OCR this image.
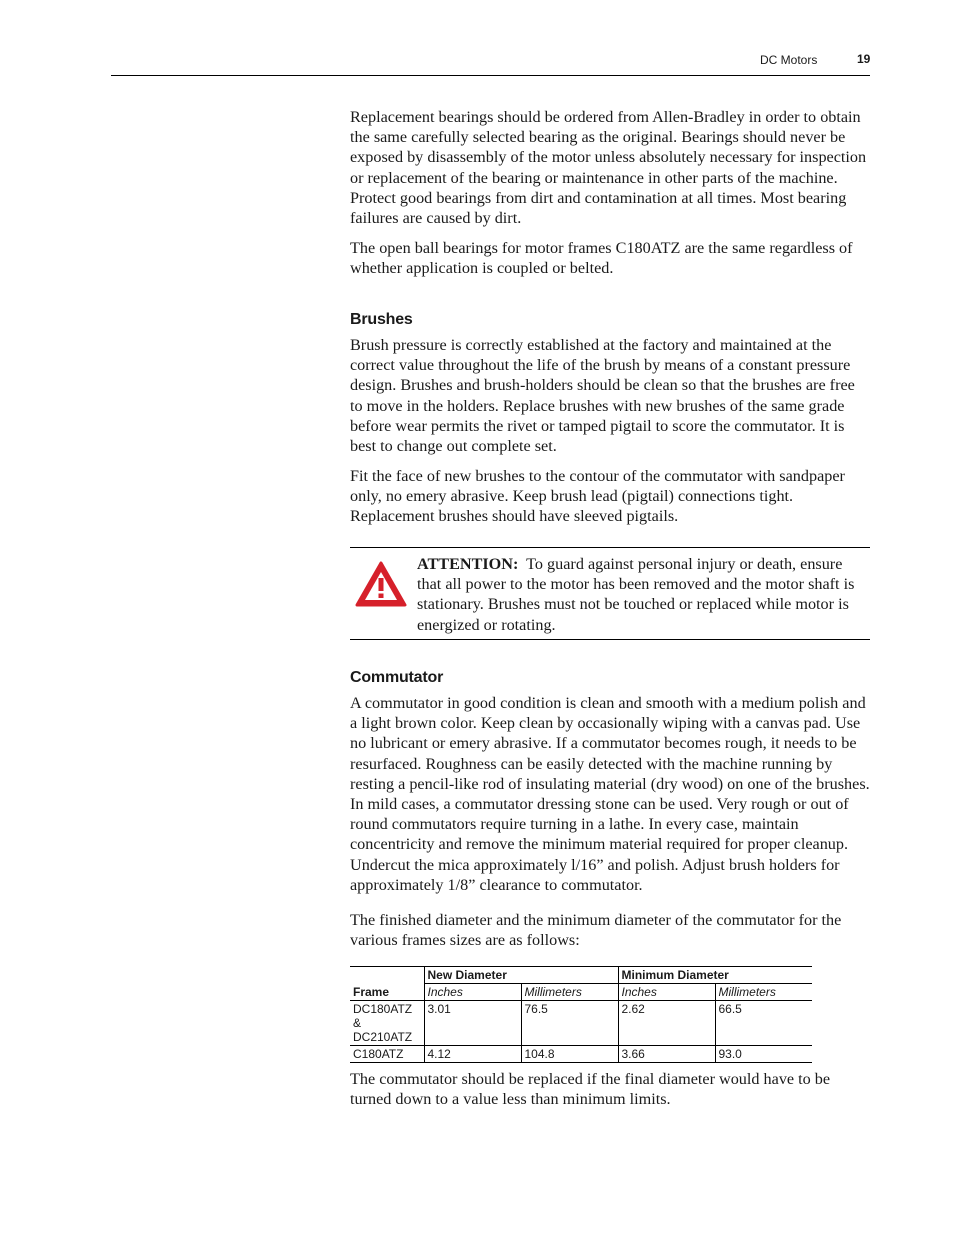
DC Motors	19

Replacement bearings should be ordered from Allen-Bradley in order to obtain the same carefully selected bearing as the original. Bearings should never be exposed by disassembly of the motor unless absolutely necessary for inspection or replacement of the bearing or maintenance in other parts of the machine. Protect good bearings from dirt and contamination at all times. Most bearing failures are caused by dirt.

The open ball bearings for motor frames C180ATZ are the same regardless of whether application is coupled or belted.

Brushes

Brush pressure is correctly established at the factory and maintained at the correct value throughout the life of the brush by means of a constant pressure design. Brushes and brush-holders should be clean so that the brushes are free to move in the holders. Replace brushes with new brushes of the same grade before wear permits the rivet or tamped pigtail to score the commutator. It is best to change out complete set.

Fit the face of new brushes to the contour of the commutator with sandpaper only, no emery abrasive. Keep brush lead (pigtail) connections tight. Replacement brushes should have sleeved pigtails.

ATTENTION: To guard against personal injury or death, ensure that all power to the motor has been removed and the motor shaft is stationary. Brushes must not be touched or replaced while motor is energized or rotating.

Commutator

A commutator in good condition is clean and smooth with a medium polish and a light brown color. Keep clean by occasionally wiping with a canvas pad. Use no lubricant or emery abrasive. If a commutator becomes rough, it needs to be resurfaced. Roughness can be easily detected with the machine running by resting a pencil-like rod of insulating material (dry wood) on one of the brushes. In mild cases, a commutator dressing stone can be used. Very rough or out of round commutators require turning in a lathe. In every case, maintain concentricity and remove the minimum material required for proper cleanup. Undercut the mica approximately l/16” and polish. Adjust brush holders for approximately 1/8” clearance to commutator.

The finished diameter and the minimum diameter of the commutator for the various frames sizes are as follows:

Frame	New Diameter		Minimum Diameter	
	Inches	Millimeters	Inches	Millimeters
DC180ATZ &
DC210ATZ	3.01	76.5	2.62	66.5
C180ATZ	4.12	104.8	3.66	93.0

The commutator should be replaced if the final diameter would have to be turned down to a value less than minimum limits.
